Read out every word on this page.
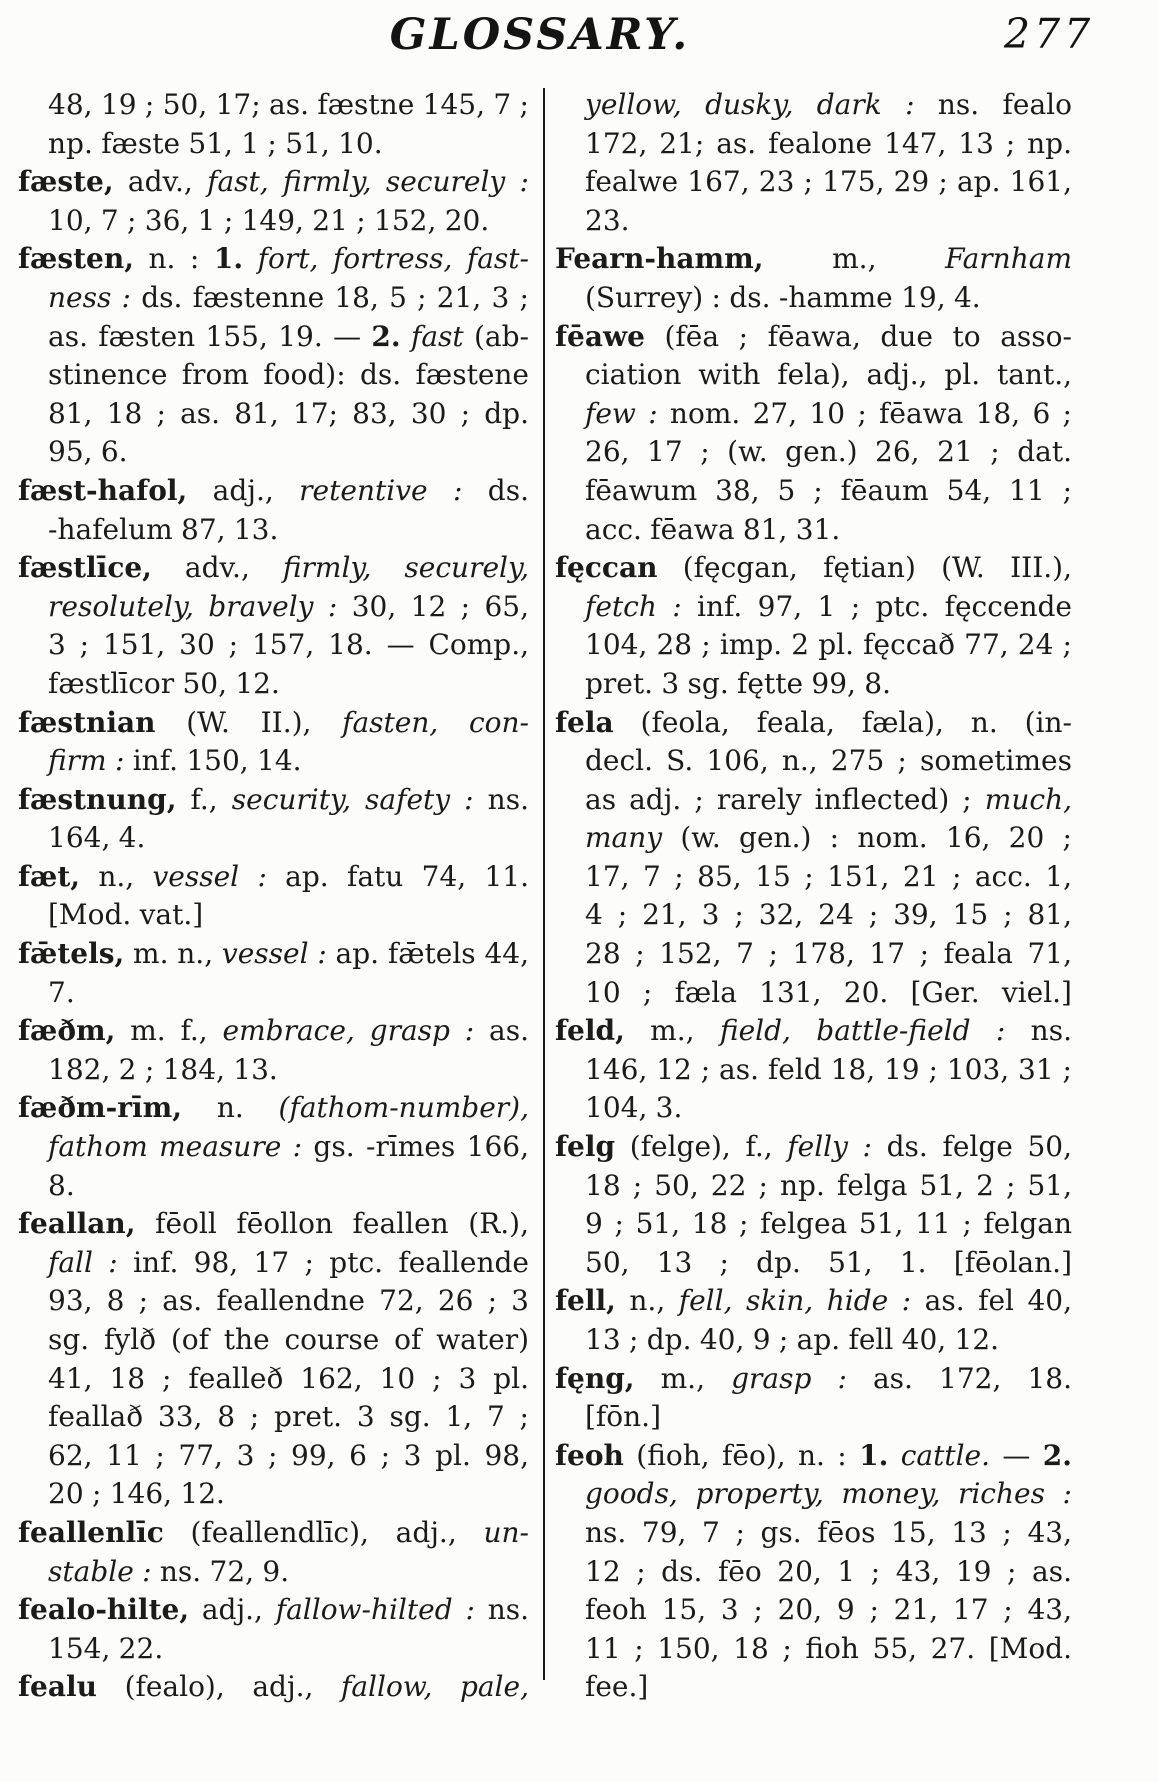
GLOSSARY.	277
48, 19 ; 50, 17; as. fæstne 145, 7 ;
np. fæste 51, 1 ; 51, 10.
fæste, adv., fast, firmly, securely :
10, 7 ; 36, 1 ; 149, 21 ; 152, 20.
fæsten, n. : 1. fort, fortress, fast-
ness : ds. fæstenne 18, 5 ; 21, 3 ;
as. fæsten 155, 19. — 2. fast (ab-
stinence from food): ds. fæstene
81, 18 ; as. 81, 17; 83, 30 ; dp.
95, 6.
fæst-hafol, adj., retentive : ds.
-hafelum 87, 13.
fæstlīce, adv., firmly, securely,
resolutely, bravely : 30, 12 ; 65,
3 ; 151, 30 ; 157, 18. — Comp.,
fæstlīcor 50, 12.
fæstnian (W. II.), fasten, con-
firm : inf. 150, 14.
fæstnung, f., security, safety : ns.
164, 4.
fæt, n., vessel : ap. fatu 74, 11.
[Mod. vat.]
fǣtels, m. n., vessel : ap. fǣtels 44,
7.
fæðm, m. f., embrace, grasp : as.
182, 2 ; 184, 13.
fæðm-rīm, n. (fathom-number),
fathom measure : gs. -rīmes 166,
8.
feallan, fēoll fēollon feallen (R.),
fall : inf. 98, 17 ; ptc. feallende
93, 8 ; as. feallendne 72, 26 ; 3
sg. fylð (of the course of water)
41, 18 ; fealleð 162, 10 ; 3 pl.
feallað 33, 8 ; pret. 3 sg. 1, 7 ;
62, 11 ; 77, 3 ; 99, 6 ; 3 pl. 98,
20 ; 146, 12.
feallenlīc (feallendlīc), adj., un-
stable : ns. 72, 9.
fealo-hilte, adj., fallow-hilted : ns.
154, 22.
fealu (fealo), adj., fallow, pale,
yellow, dusky, dark : ns. fealo
172, 21; as. fealone 147, 13 ; np.
fealwe 167, 23 ; 175, 29 ; ap. 161,
23.
Fearn-hamm, m., Farnham
(Surrey) : ds. -hamme 19, 4.
fēawe (fēa ; fēawa, due to asso-
ciation with fela), adj., pl. tant.,
few : nom. 27, 10 ; fēawa 18, 6 ;
26, 17 ; (w. gen.) 26, 21 ; dat.
fēawum 38, 5 ; fēaum 54, 11 ;
acc. fēawa 81, 31.
fęccan (fęcgan, fętian) (W. III.),
fetch : inf. 97, 1 ; ptc. fęccende
104, 28 ; imp. 2 pl. fęccað 77, 24 ;
pret. 3 sg. fętte 99, 8.
fela (feola, feala, fæla), n. (in-
decl. S. 106, n., 275 ; sometimes
as adj. ; rarely inflected) ; much,
many (w. gen.) : nom. 16, 20 ;
17, 7 ; 85, 15 ; 151, 21 ; acc. 1,
4 ; 21, 3 ; 32, 24 ; 39, 15 ; 81,
28 ; 152, 7 ; 178, 17 ; feala 71,
10 ; fæla 131, 20. [Ger. viel.]
feld, m., field, battle-field : ns.
146, 12 ; as. feld 18, 19 ; 103, 31 ;
104, 3.
felg (felge), f., felly : ds. felge 50,
18 ; 50, 22 ; np. felga 51, 2 ; 51,
9 ; 51, 18 ; felgea 51, 11 ; felgan
50, 13 ; dp. 51, 1. [fēolan.]
fell, n., fell, skin, hide : as. fel 40,
13 ; dp. 40, 9 ; ap. fell 40, 12.
fęng, m., grasp : as. 172, 18.
[fōn.]
feoh (fioh, fēo), n. : 1. cattle. — 2.
goods, property, money, riches :
ns. 79, 7 ; gs. fēos 15, 13 ; 43,
12 ; ds. fēo 20, 1 ; 43, 19 ; as.
feoh 15, 3 ; 20, 9 ; 21, 17 ; 43,
11 ; 150, 18 ; fioh 55, 27. [Mod.
fee.]
